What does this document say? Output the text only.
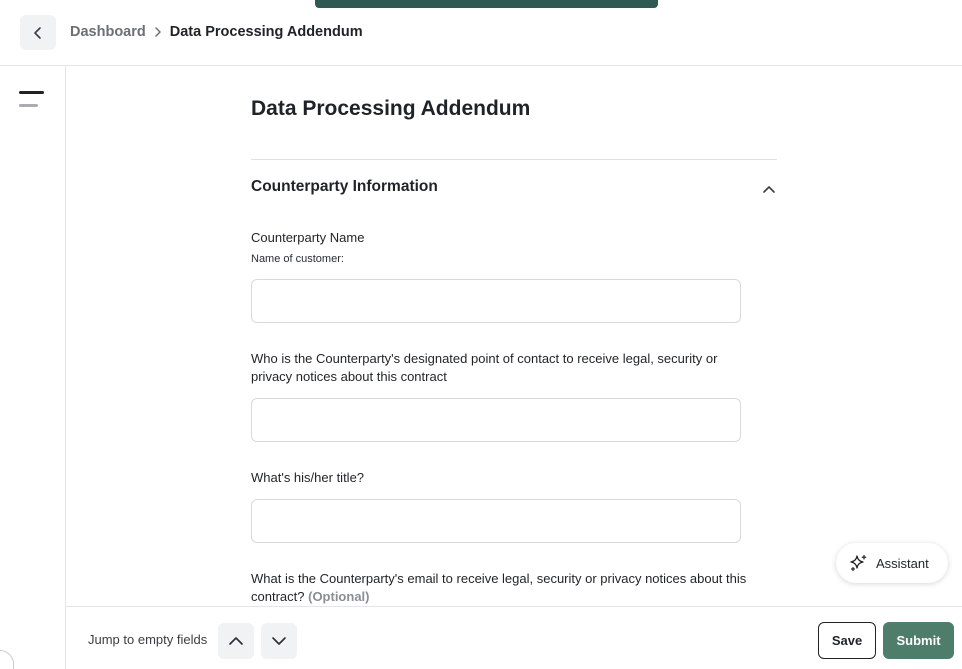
Dashboard Data Processing Addendum
Data Processing Addendum
Counterparty Information
Counterparty Name
Name of customer:
Who is the Counterparty's designated point of contact to receive legal, security or privacy notices about this contract
What's his/her title?
What is the Counterparty's email to receive legal, security or privacy notices about this contract? (Optional)
Assistant
Jump to empty fields	Save	Submit
